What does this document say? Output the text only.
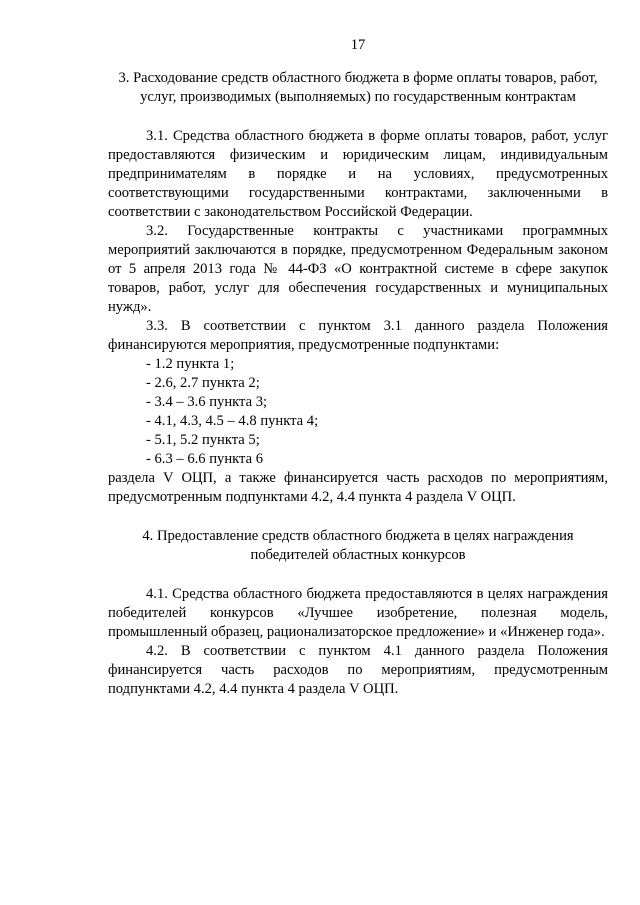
17

3. Расходование средств областного бюджета в форме оплаты товаров, работ, услуг, производимых (выполняемых) по государственным контрактам

3.1. Средства областного бюджета в форме оплаты товаров, работ, услуг предоставляются физическим и юридическим лицам, индивидуальным предпринимателям в порядке и на условиях, предусмотренных соответствующими государственными контрактами, заключенными в соответствии с законодательством Российской Федерации.

3.2. Государственные контракты с участниками программных мероприятий заключаются в порядке, предусмотренном Федеральным законом от 5 апреля 2013 года № 44-ФЗ «О контрактной системе в сфере закупок товаров, работ, услуг для обеспечения государственных и муниципальных нужд».

3.3. В соответствии с пунктом 3.1 данного раздела Положения финансируются мероприятия, предусмотренные подпунктами:

- 1.2 пункта 1;
- 2.6, 2.7 пункта 2;
- 3.4 – 3.6 пункта 3;
- 4.1, 4.3, 4.5 – 4.8 пункта 4;
- 5.1, 5.2 пункта 5;
- 6.3 – 6.6 пункта 6

раздела V ОЦП, а также финансируется часть расходов по мероприятиям, предусмотренным подпунктами 4.2, 4.4 пункта 4 раздела V ОЦП.

4. Предоставление средств областного бюджета в целях награждения победителей областных конкурсов

4.1. Средства областного бюджета предоставляются в целях награждения победителей конкурсов «Лучшее изобретение, полезная модель, промышленный образец, рационализаторское предложение» и «Инженер года».

4.2. В соответствии с пунктом 4.1 данного раздела Положения финансируется часть расходов по мероприятиям, предусмотренным подпунктами 4.2, 4.4 пункта 4 раздела V ОЦП.
